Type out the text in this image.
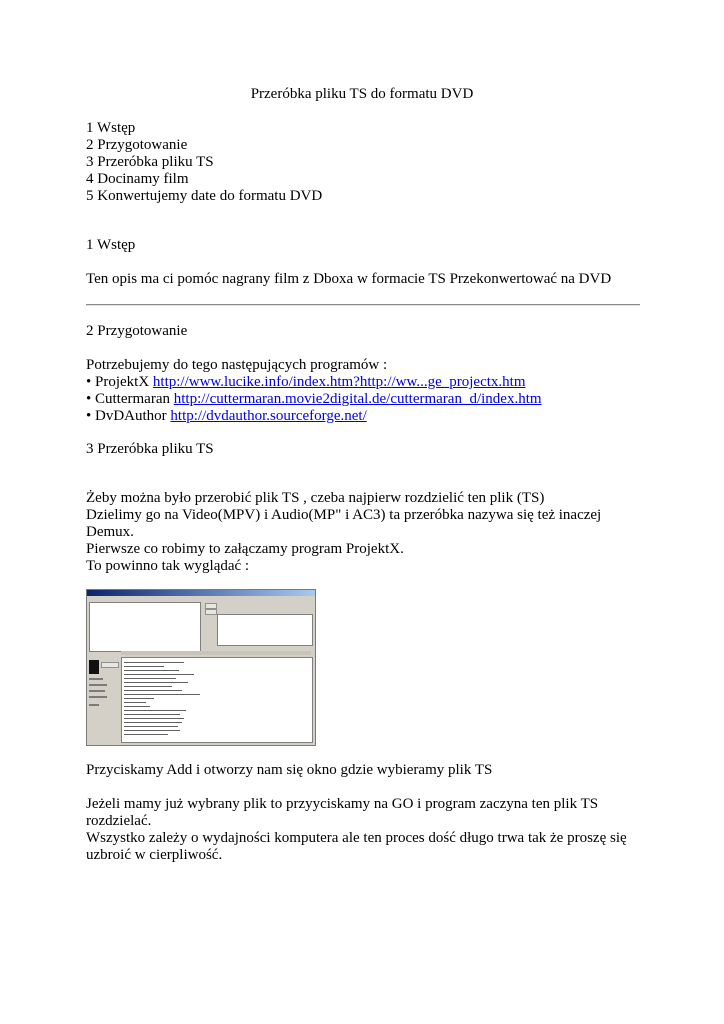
Przeróbka pliku TS do formatu DVD
1 Wstęp
2 Przygotowanie
3 Przeróbka pliku TS
4 Docinamy film
5 Konwertujemy date do formatu DVD
1 Wstęp
Ten opis ma ci pomóc nagrany film z Dboxa w formacie TS Przekonwertować na DVD
2 Przygotowanie
Potrzebujemy do tego następujących programów :
• ProjektX http://www.lucike.info/index.htm?http://ww...ge_projectx.htm
• Cuttermaran http://cuttermaran.movie2digital.de/cuttermaran_d/index.htm
• DvDAuthor http://dvdauthor.sourceforge.net/
3 Przeróbka pliku TS
Żeby można było przerobić plik TS , czeba najpierw rozdzielić ten plik (TS)
Dzielimy go na Video(MPV) i Audio(MP" i AC3) ta przeróbka nazywa się też inaczej
Demux.
Pierwsze co robimy to załączamy program ProjektX.
To powinno tak wyglądać :
Przyciskamy Add i otworzy nam się okno gdzie wybieramy plik TS
Jeżeli mamy już wybrany plik to przyyciskamy na GO i program zaczyna ten plik TS
rozdzielać.
Wszystko zależy o wydajności komputera ale ten proces dość długo trwa tak że proszę się
uzbroić w cierpliwość.
